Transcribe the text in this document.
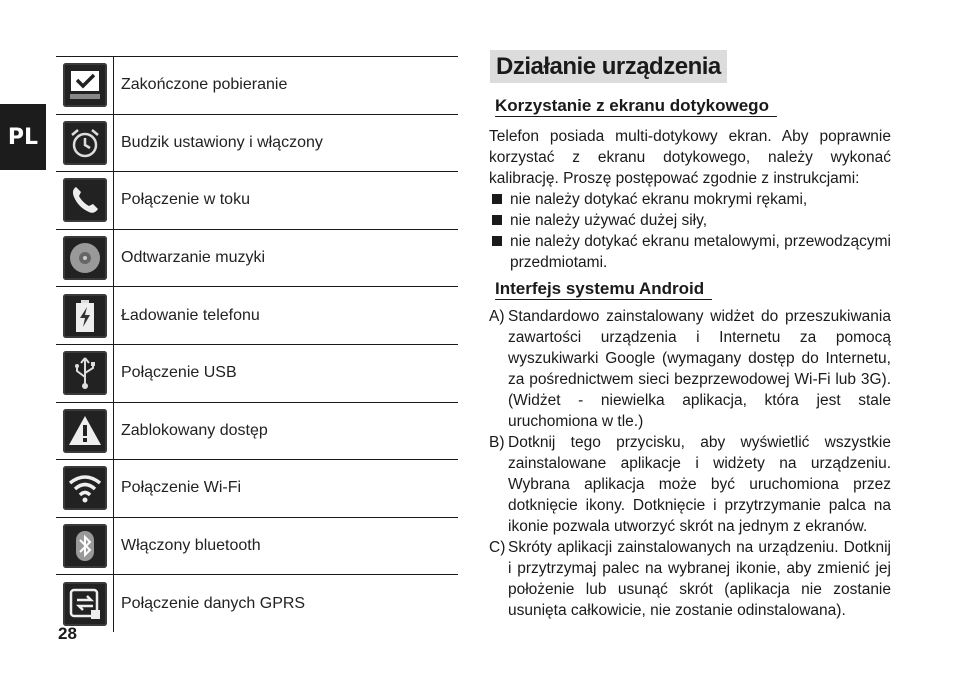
PL
Zakończone pobieranie
Budzik ustawiony i włączony
Połączenie w toku
Odtwarzanie muzyki
Ładowanie telefonu
Połączenie USB
Zablokowany dostęp
Połączenie Wi-Fi
Włączony bluetooth
Połączenie danych GPRS
Działanie urządzenia
Korzystanie z ekranu dotykowego

Telefon posiada multi-dotykowy ekran. Aby poprawnie korzystać z ekranu dotykowego, należy wykonać kalibrację. Proszę postępować zgodnie z instrukcjami:

nie należy dotykać ekranu mokrymi rękami,
nie należy używać dużej siły,
nie należy dotykać ekranu metalowymi, przewodzącymi przedmiotami.
Interfejs systemu Android
A) Standardowo zainstalowany widżet do przeszukiwania zawartości urządzenia i Internetu za pomocą wyszukiwarki Google (wymagany dostęp do Internetu, za pośrednictwem sieci bezprzewodowej Wi-Fi lub 3G). (Widżet - niewielka aplikacja, która jest stale uruchomiona w tle.)
B) Dotknij tego przycisku, aby wyświetlić wszystkie zainstalowane aplikacje i widżety na urządzeniu. Wybrana aplikacja może być uruchomiona przez dotknięcie ikony. Dotknięcie i przytrzymanie palca na ikonie pozwala utworzyć skrót na jednym z ekranów.
C) Skróty aplikacji zainstalowanych na urządzeniu. Dotknij i przytrzymaj palec na wybranej ikonie, aby zmienić jej położenie lub usunąć skrót (aplikacja nie zostanie usunięta całkowicie, nie zostanie odinstalowana).
28
